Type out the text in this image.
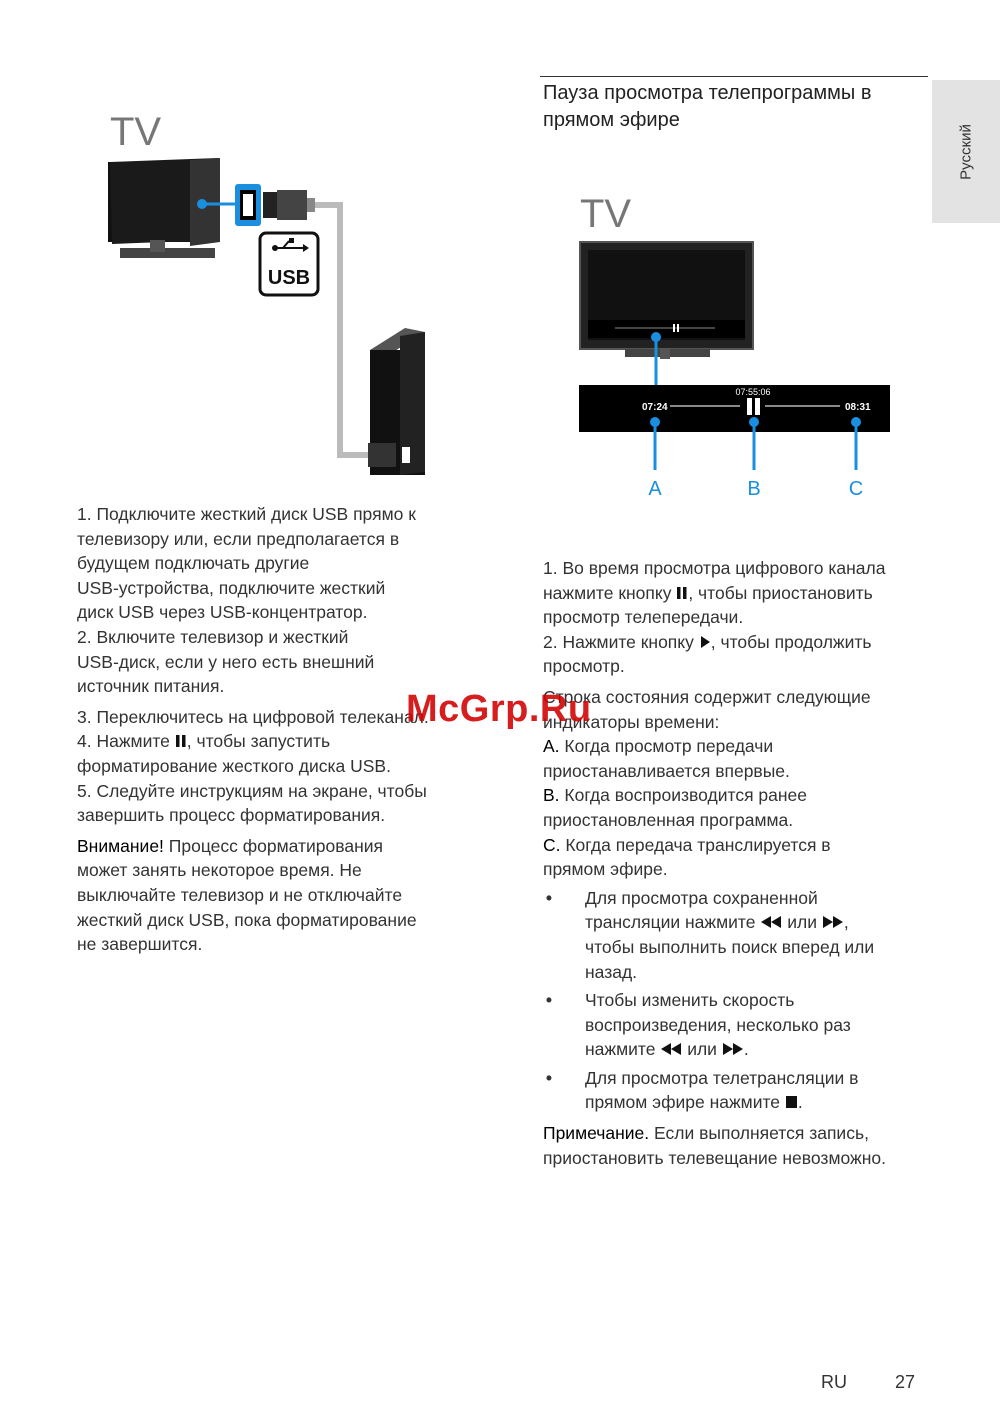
Русский
TV
USB

1. Подключите жесткий диск USB прямо к

телевизору или, если предполагается в

будущем подключать другие

USB-устройства, подключите жесткий

диск USB через USB-концентратор.

2. Включите телевизор и жесткий

USB-диск, если у него есть внешний

источник питания.

3. Переключитесь на цифровой телеканал.

4. Нажмите , чтобы запустить

форматирование жесткого диска USB.

5. Следуйте инструкциям на экране, чтобы

завершить процесс форматирования.

Внимание! Процесс форматирования

может занять некоторое время. Не

выключайте телевизор и не отключайте

жесткий диск USB, пока форматирование

не завершится.

Пауза просмотра телепрограммы в
прямом эфире
TV
07:24
07:55:06
08:31
A	B	C

1. Во время просмотра цифрового канала

нажмите кнопку , чтобы приостановить

просмотр телепередачи.

2. Нажмите кнопку , чтобы продолжить

просмотр.

Строка состояния содержит следующие

индикаторы времени:

A. Когда просмотр передачи

приостанавливается впервые.

B. Когда воспроизводится ранее

приостановленная программа.

C. Когда передача транслируется в

прямом эфире.

• Для просмотра сохраненной
трансляции нажмите  или ,
чтобы выполнить поиск вперед или
назад.
• Чтобы изменить скорость
воспроизведения, несколько раз
нажмите  или .
• Для просмотра телетрансляции в
прямом эфире нажмите .

Примечание. Если выполняется запись,

приостановить телевещание невозможно.

McGrp.Ru
RU	27
